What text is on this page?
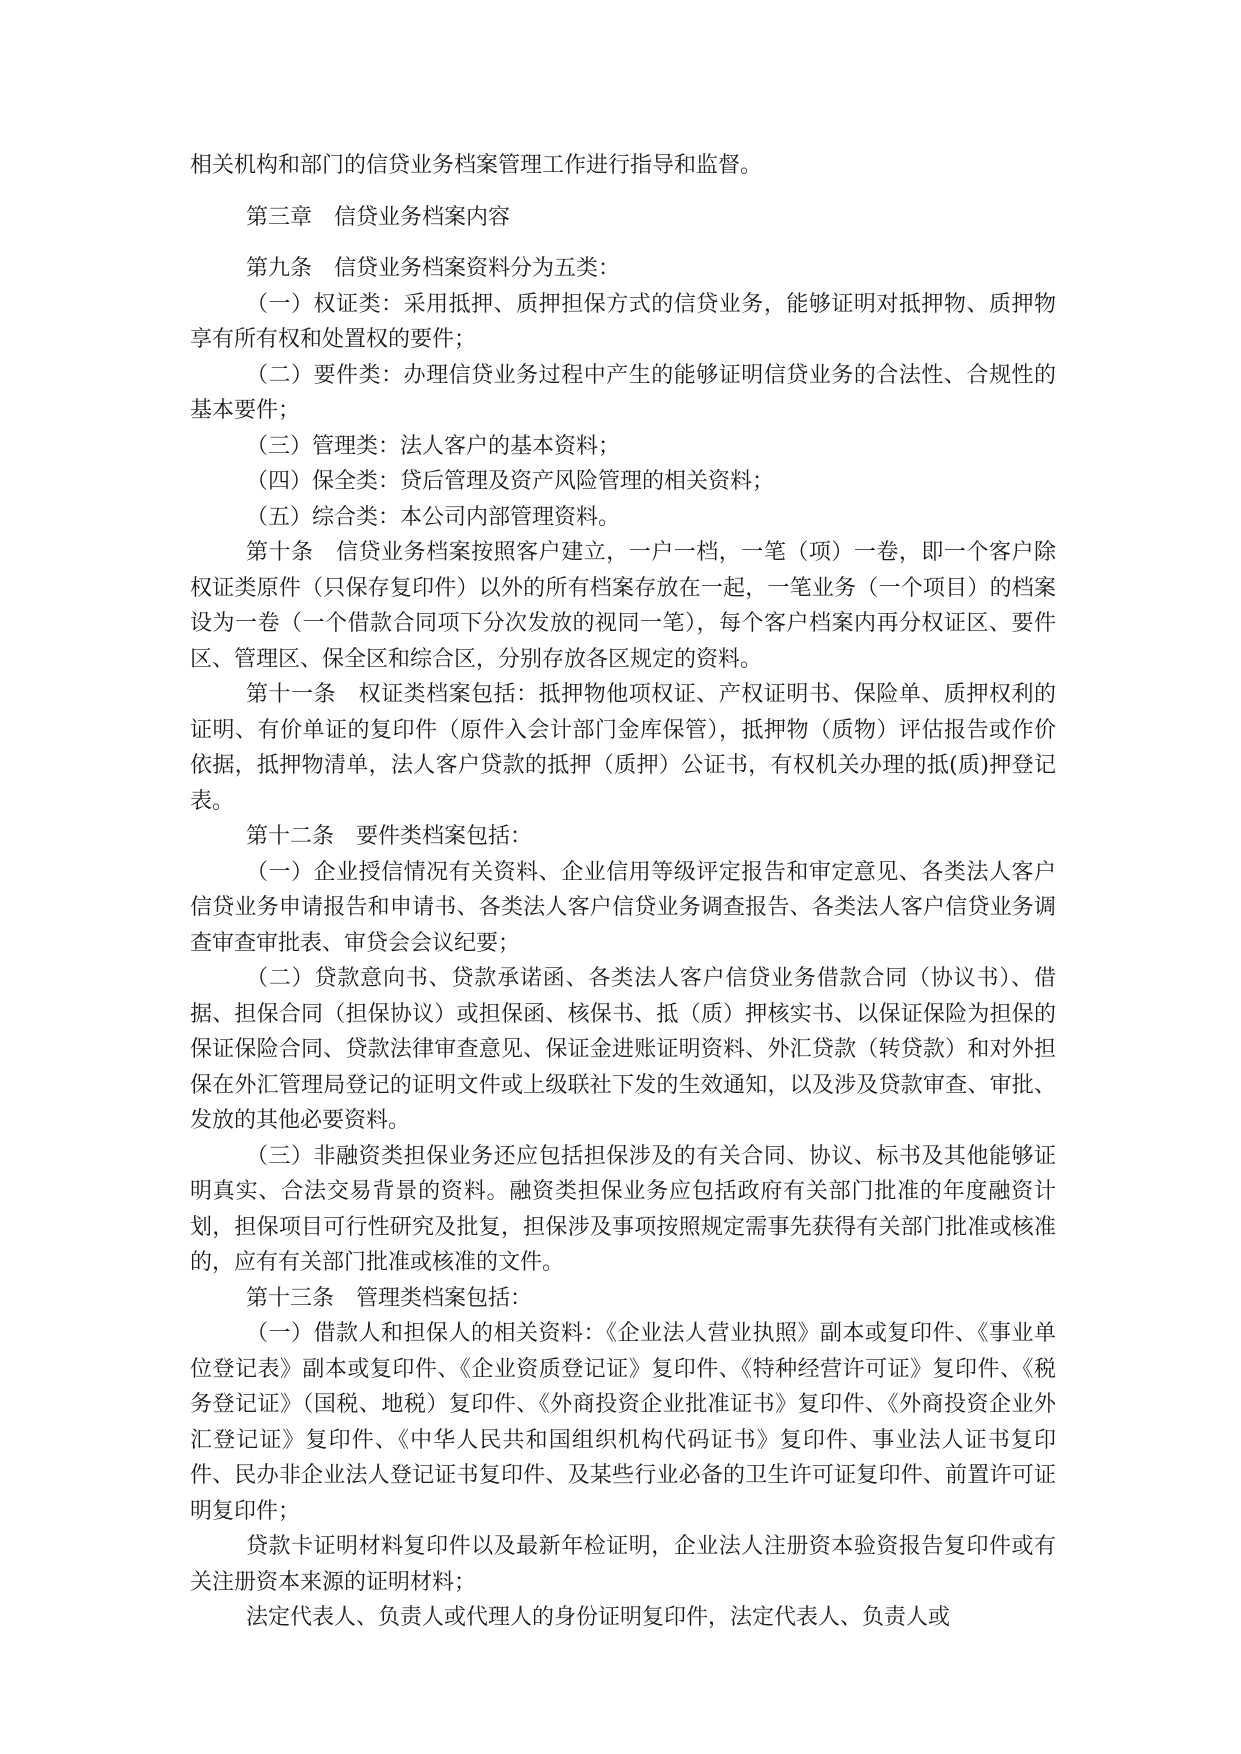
相关机构和部门的信贷业务档案管理工作进行指导和监督。

第三章　信贷业务档案内容

第九条　信贷业务档案资料分为五类：

（一）权证类：采用抵押、质押担保方式的信贷业务，能够证明对抵押物、质押物享有所有权和处置权的要件；

（二）要件类：办理信贷业务过程中产生的能够证明信贷业务的合法性、合规性的基本要件；

（三）管理类：法人客户的基本资料；

（四）保全类：贷后管理及资产风险管理的相关资料；

（五）综合类：本公司内部管理资料。

第十条　信贷业务档案按照客户建立，一户一档，一笔（项）一卷，即一个客户除权证类原件（只保存复印件）以外的所有档案存放在一起，一笔业务（一个项目）的档案设为一卷（一个借款合同项下分次发放的视同一笔），每个客户档案内再分权证区、要件区、管理区、保全区和综合区，分别存放各区规定的资料。

第十一条　权证类档案包括：抵押物他项权证、产权证明书、保险单、质押权利的证明、有价单证的复印件（原件入会计部门金库保管），抵押物（质物）评估报告或作价依据，抵押物清单，法人客户贷款的抵押（质押）公证书，有权机关办理的抵(质)押登记表。

第十二条　要件类档案包括：

（一）企业授信情况有关资料、企业信用等级评定报告和审定意见、各类法人客户信贷业务申请报告和申请书、各类法人客户信贷业务调查报告、各类法人客户信贷业务调查审查审批表、审贷会会议纪要；

（二）贷款意向书、贷款承诺函、各类法人客户信贷业务借款合同（协议书）、借据、担保合同（担保协议）或担保函、核保书、抵（质）押核实书、以保证保险为担保的保证保险合同、贷款法律审查意见、保证金进账证明资料、外汇贷款（转贷款）和对外担保在外汇管理局登记的证明文件或上级联社下发的生效通知，以及涉及贷款审查、审批、发放的其他必要资料。

（三）非融资类担保业务还应包括担保涉及的有关合同、协议、标书及其他能够证明真实、合法交易背景的资料。融资类担保业务应包括政府有关部门批准的年度融资计划，担保项目可行性研究及批复，担保涉及事项按照规定需事先获得有关部门批准或核准的，应有有关部门批准或核准的文件。

第十三条　管理类档案包括：

（一）借款人和担保人的相关资料：《企业法人营业执照》副本或复印件、《事业单位登记表》副本或复印件、《企业资质登记证》复印件、《特种经营许可证》复印件、《税务登记证》（国税、地税）复印件、《外商投资企业批准证书》复印件、《外商投资企业外汇登记证》复印件、《中华人民共和国组织机构代码证书》复印件、事业法人证书复印件、民办非企业法人登记证书复印件、及某些行业必备的卫生许可证复印件、前置许可证明复印件；

贷款卡证明材料复印件以及最新年检证明，企业法人注册资本验资报告复印件或有关注册资本来源的证明材料；

法定代表人、负责人或代理人的身份证明复印件，法定代表人、负责人或
